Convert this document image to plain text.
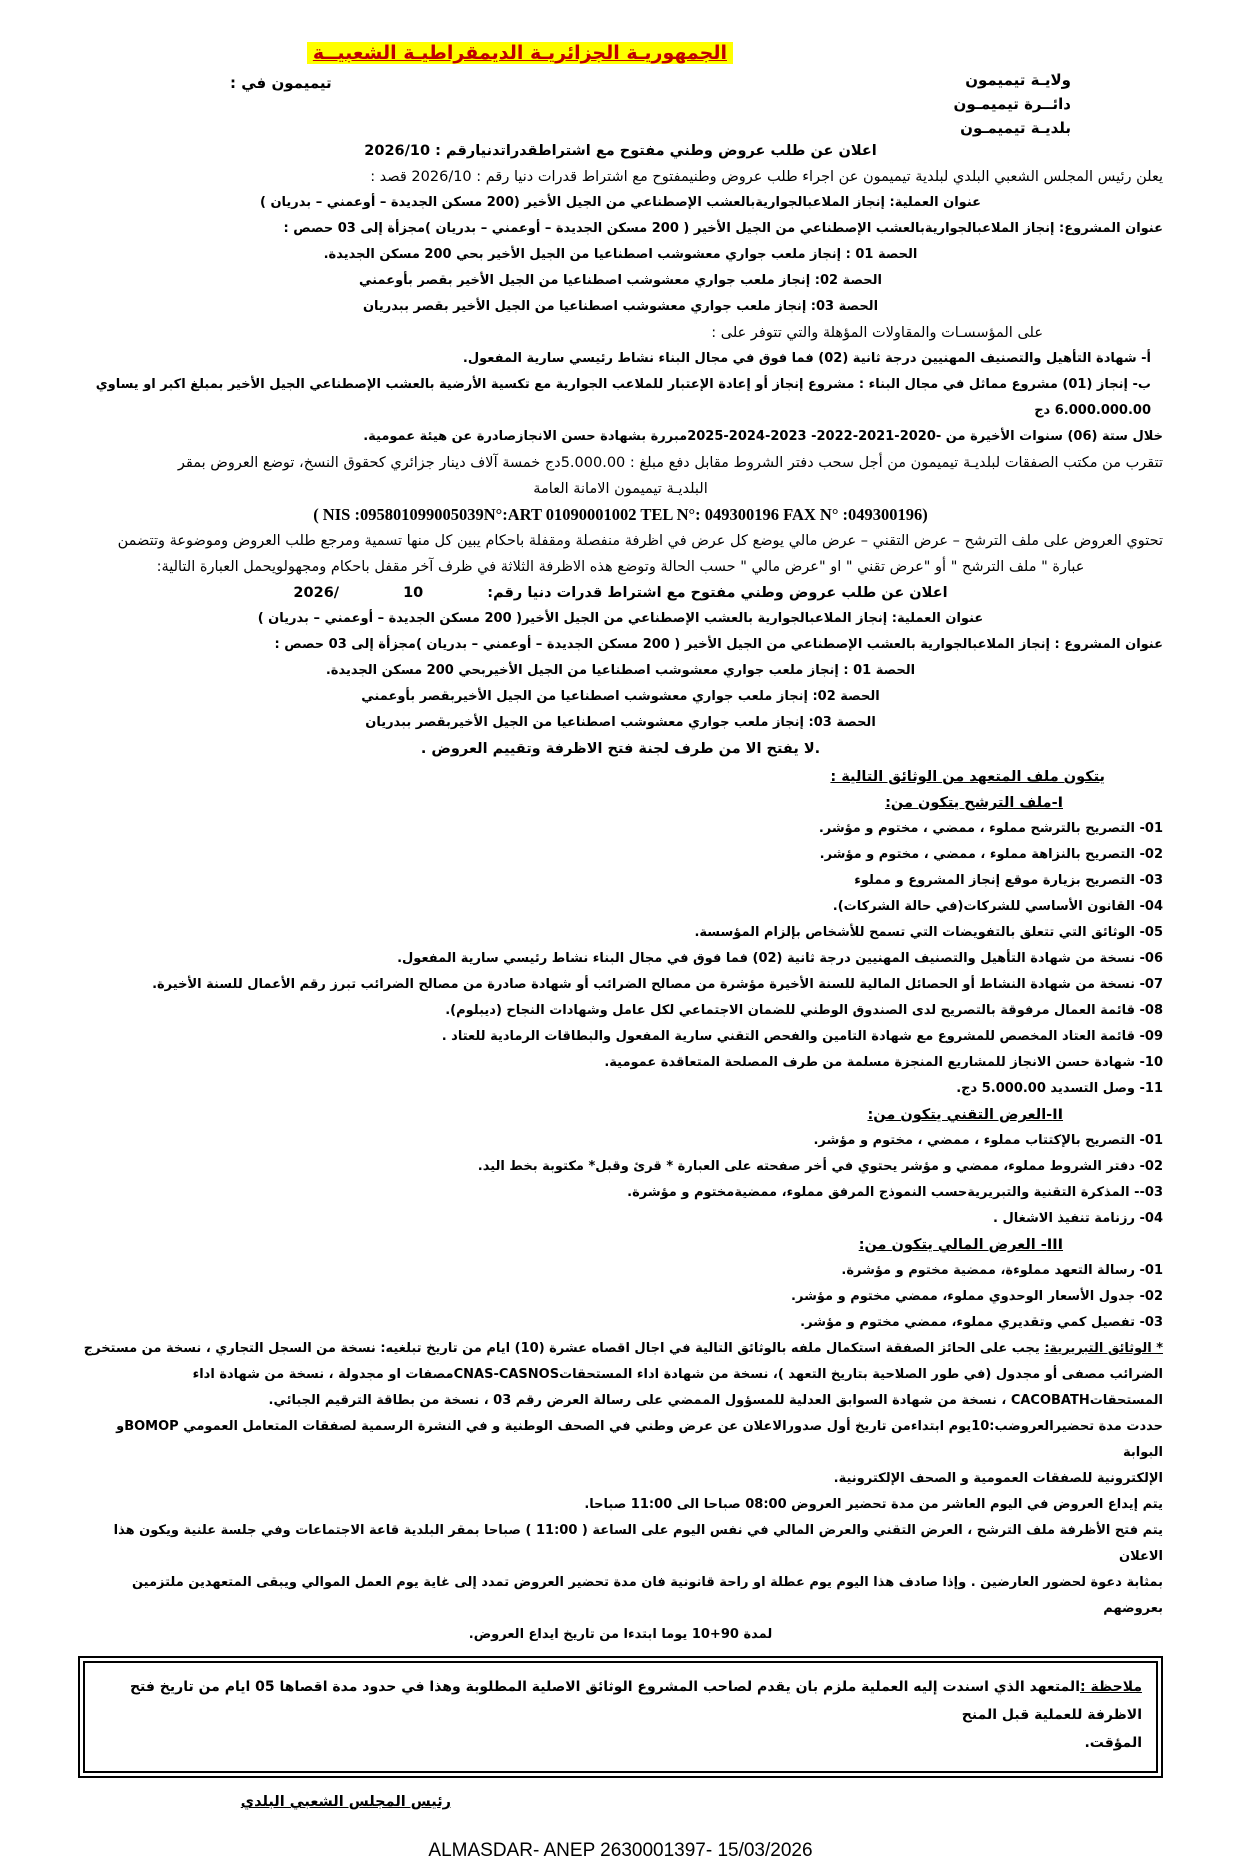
الجمهوريـة الجزائريـة الديمقراطيـة الشعبيــة
تيميمون في :	ولايـة تيميمون
دائــرة تيميمـون
بلديـة تيميمـون
اعلان عن طلب عروض وطني مفتوح مع اشتراطقدراتدنيارقم : 2026/10
يعلن رئيس المجلس الشعبي البلدي لبلدية تيميمون عن اجراء طلب عروض وطنيمفتوح مع اشتراط قدرات دنيا رقم : 2026/10 قصد :
عنوان العملية: إنجاز الملاعبالجواريةبالعشب الإصطناعي من الجيل الأخير (200 مسكن الجديدة – أوعمني – بدريان )
عنوان المشروع: إنجاز الملاعبالجواريةبالعشب الإصطناعي من الجيل الأخير ( 200 مسكن الجديدة – أوعمني – بدريان )مجزأة إلى 03 حصص :
الحصة 01 : إنجاز ملعب جواري معشوشب اصطناعيا من الجيل الأخير بحي 200 مسكن الجديدة.
الحصة 02: إنجاز ملعب جواري معشوشب اصطناعيا من الجيل الأخير بقصر بأوعمني
الحصة 03: إنجاز ملعب جواري معشوشب اصطناعيا من الجيل الأخير بقصر ببدريان
على المؤسسـات والمقاولات المؤهلة والتي تتوفر على :
أ- شهادة التأهيل والتصنيف المهنيين درجة ثانية (02) فما فوق في مجال البناء نشاط رئيسي سارية المفعول.
ب- إنجاز (01) مشروع مماثل في مجال البناء : مشروع إنجاز أو إعادة الإعتبار للملاعب الجوارية مع تكسية الأرضية بالعشب الإصطناعي الجيل الأخير بمبلغ اكبر او يساوي 6.000.000.00 دج
خلال ستة (06) سنوات الأخيرة من -2020-2021-2022- 2023-2024-2025مبررة بشهادة حسن الانجازصادرة عن هيئة عمومية.
تتقرب من مكتب الصفقات لبلديـة تيميمون من أجل سحب دفتر الشروط مقابل دفع مبلغ : 5.000.00دج خمسة آلاف دينار جزائري كحقوق النسخ، توضع العروض بمقر
البلديـة تيميمون الامانة العامة
( NIS :095801099005039N°:ART 01090001002 TEL N°: 049300196 FAX N° :049300196)
تحتوي العروض على ملف الترشح – عرض التقني – عرض مالي يوضع كل عرض في اظرفة منفصلة ومقفلة باحكام يبين كل منها تسمية ومرجع طلب العروض وموضوعة وتتضمن
عبارة " ملف الترشح " أو "عرض تقني " او "عرض مالي " حسب الحالة وتوضع هذه الاظرفة الثلاثة في ظرف آخر مقفل باحكام ومجهولويحمل العبارة التالية:
اعلان عن طلب عروض وطني مفتوح مع اشتراط قدرات دنيا رقم:
10
/
2026
عنوان العملية: إنجاز الملاعبالجوارية بالعشب الإصطناعي من الجيل الأخير( 200 مسكن الجديدة – أوعمني – بدريان )
عنوان المشروع : إنجاز الملاعبالجوارية بالعشب الإصطناعي من الجيل الأخير ( 200 مسكن الجديدة – أوعمني – بدريان )مجزأة إلى 03 حصص :
الحصة 01 : إنجاز ملعب جواري معشوشب اصطناعيا من الجيل الأخيربحي 200 مسكن الجديدة.
الحصة 02: إنجاز ملعب جواري معشوشب اصطناعيا من الجيل الأخيربقصر بأوعمني
الحصة 03: إنجاز ملعب جواري معشوشب اصطناعيا من الجيل الأخيربقصر ببدريان
.لا يفتح الا من طرف لجنة فتح الاظرفة وتقييم العروض .
يتكون ملف المتعهد من الوثائق التالية :
I-ملف الترشح يتكون من:
01- التصريح بالترشح مملوء ، ممضي ، مختوم و مؤشر.
02- التصريح بالنزاهة مملوء ، ممضي ، مختوم و مؤشر.
03- التصريح بزيارة موقع إنجاز المشروع و مملوء
04- القانون الأساسي للشركات(في حالة الشركات).
05- الوثائق التي تتعلق بالتفويضات التي تسمح للأشخاص بإلزام المؤسسة.
06- نسخة من شهادة التأهيل والتصنيف المهنيين درجة ثانية (02) فما فوق في مجال البناء نشاط رئيسي سارية المفعول.
07- نسخة من شهادة النشاط أو الحصائل المالية للسنة الأخيرة مؤشرة من مصالح الضرائب أو شهادة صادرة من مصالح الضرائب تبرز رقم الأعمال للسنة الأخيرة.
08- قائمة العمال مرفوقة بالتصريح لدى الصندوق الوطني للضمان الاجتماعي لكل عامل وشهادات النجاح (ديبلوم).
09- قائمة العتاد المخصص للمشروع مع شهادة التامين والفحص التقني سارية المفعول والبطاقات الرمادية للعتاد .
10- شهادة حسن الانجاز للمشاريع المنجزة مسلمة من طرف المصلحة المتعاقدة عمومية.
11- وصل التسديد 5.000.00 دج.
II-العرض التقني يتكون من:
01- التصريح بالإكتتاب مملوء ، ممضي ، مختوم و مؤشر.
02- دفتر الشروط مملوء، ممضي و مؤشر يحتوي في أخر صفحته على العبارة * قرئ وقبل* مكتوبة بخط اليد.
03-- المذكرة التقنية والتبريريةحسب النموذج المرفق مملوء، ممضيةمختوم و مؤشرة.
04- رزنامة تنفيذ الاشغال .
III- العرض المالي يتكون من:
01- رسالة التعهد مملوءة، ممضية مختوم و مؤشرة.
02- جدول الأسعار الوحدوي مملوء، ممضي مختوم و مؤشر.
03- تفصيل كمي وتقديري مملوء، ممضي مختوم و مؤشر.
* الوثائق التبريرية: يجب على الحائز الصفقة استكمال ملفه بالوثائق التالية في اجال اقصاه عشرة (10) ايام من تاريخ تبلغيه: نسخة من السجل التجاري ، نسخة من مستخرج
الضرائب مصفى أو مجدول (في طور الصلاحية بتاريخ التعهد )، نسخة من شهادة اداء المستحقاتCNAS-CASNOSمصفات او مجدولة ، نسخة من شهادة اداء
المستحقاتCACOBATH ، نسخة من شهادة السوابق العدلية للمسؤول الممضي على رسالة العرض رقم 03 ، نسخة من بطاقة الترقيم الجبائي.
حددت مدة تحضيرالعروضب:10يوم ابتداءمن تاريخ أول صدورالاعلان عن عرض وطني في الصحف الوطنية و في النشرة الرسمية لصفقات المتعامل العمومي BOMOPو البوابة
الإلكترونية للصفقات العمومية و الصحف الإلكترونية.
يتم إيداع العروض في اليوم العاشر من مدة تحضير العروض 08:00 صباحا الى 11:00 صباحا.
يتم فتح الأظرفة ملف الترشح ، العرض التقني والعرض المالي في نفس اليوم على الساعة ( 11:00 ) صباحا بمقر البلدية قاعة الاجتماعات وفي جلسة علنية ويكون هذا الاعلان
بمثابة دعوة لحضور العارضين . وإذا صادف هذا اليوم يوم عطلة او راحة قانونية فان مدة تحضير العروض تمدد إلى غاية يوم العمل الموالي ويبقى المتعهدين ملتزمين بعروضهم
لمدة 90+10 يوما ابتدءا من تاريخ ايداع العروض.
ملاحظة :المتعهد الذي اسندت إليه العملية ملزم بان يقدم لصاحب المشروع الوثائق الاصلية المطلوبة وهذا في حدود مدة اقصاها 05 ايام من تاريخ فتح الاظرفة للعملية قبل المنح
المؤقت.
رئيس المجلس الشعبي البلدي
ALMASDAR- ANEP 2630001397- 15/03/2026
